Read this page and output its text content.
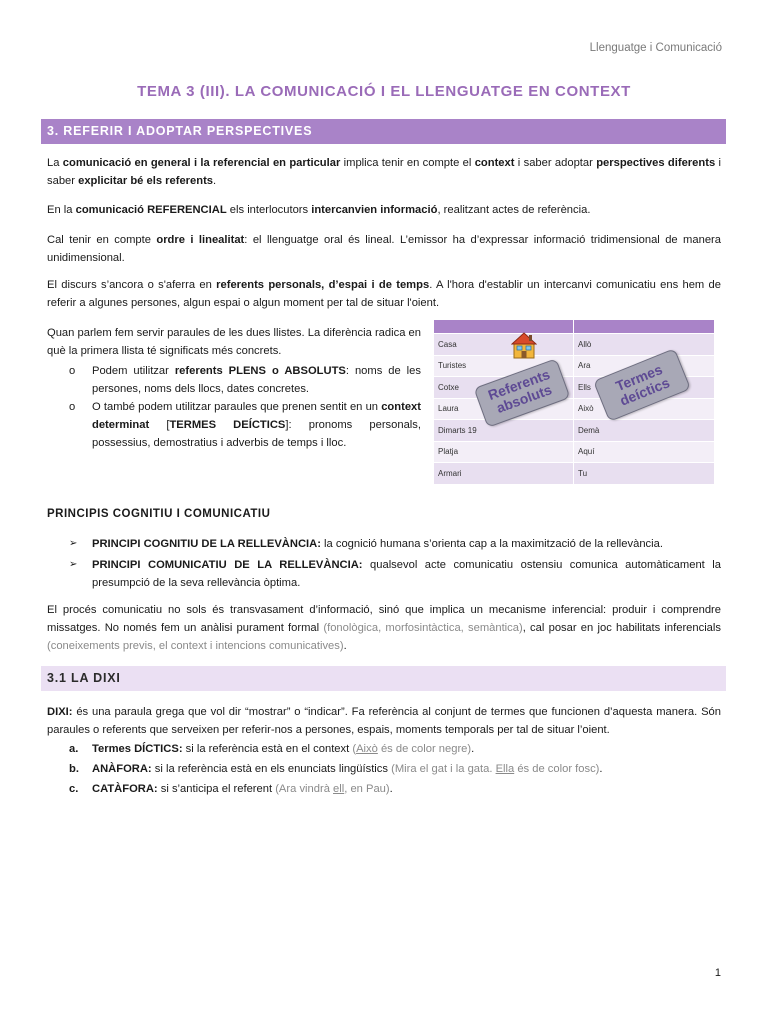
Llenguatge i Comunicació
TEMA 3 (III). LA COMUNICACIÓ I EL LLENGUATGE EN CONTEXT
3. REFERIR I ADOPTAR PERSPECTIVES
La comunicació en general i la referencial en particular implica tenir en compte el context i saber adoptar perspectives diferents i saber explicitar bé els referents.
En la comunicació REFERENCIAL els interlocutors intercanvien informació, realitzant actes de referència.
Cal tenir en compte ordre i linealitat: el llenguatge oral és lineal. L’emissor ha d’expressar informació tridimensional de manera unidimensional.
El discurs s’ancora o s'aferra en referents personals, d’espai i de temps. A l'hora d'establir un intercanvi comunicatiu ens hem de referir a algunes persones, algun espai o algun moment per tal de situar l'oient.
Quan parlem fem servir paraules de les dues llistes. La diferència radica en què la primera llista té significats més concrets.
o Podem utilitzar referents PLENS o ABSOLUTS: noms de les persones, noms dels llocs, dates concretes.
o O també podem utilitzar paraules que prenen sentit en un context determinat [TERMES DEÍCTICS]: pronoms personals, possessius, demostratius i adverbis de temps i lloc.

Casa	Allò
Turistes	Ara
Cotxe	Ells
Laura	Això
Dimarts 19	Demà
Platja	Aquí
Armari	Tu
Referents absoluts
Termes deíctics
PRINCIPIS COGNITIU I COMUNICATIU
➢ PRINCIPI COGNITIU DE LA RELLEVÀNCIA: la cognició humana s’orienta cap a la maximització de la rellevància.
➢ PRINCIPI COMUNICATIU DE LA RELLEVÀNCIA: qualsevol acte comunicatiu ostensiu comunica automàticament la presumpció de la seva rellevància òptima.
El procés comunicatiu no sols és transvasament d’informació, sinó que implica un mecanisme inferencial: produir i comprendre missatges. No només fem un anàlisi purament formal (fonològica, morfosintàctica, semàntica), cal posar en joc habilitats inferencials (coneixements previs, el context i intencions comunicatives).
3.1 LA DIXI
DIXI: és una paraula grega que vol dir “mostrar” o “indicar”. Fa referència al conjunt de termes que funcionen d’aquesta manera. Són paraules o referents que serveixen per referir-nos a persones, espais, moments temporals per tal de situar l’oient.
a. Termes DÍCTICS: si la referència està en el context (Això és de color negre).
b. ANÀFORA: si la referència està en els enunciats lingüístics (Mira el gat i la gata. Ella és de color fosc).
c. CATÀFORA: si s’anticipa el referent (Ara vindrà ell, en Pau).
1
